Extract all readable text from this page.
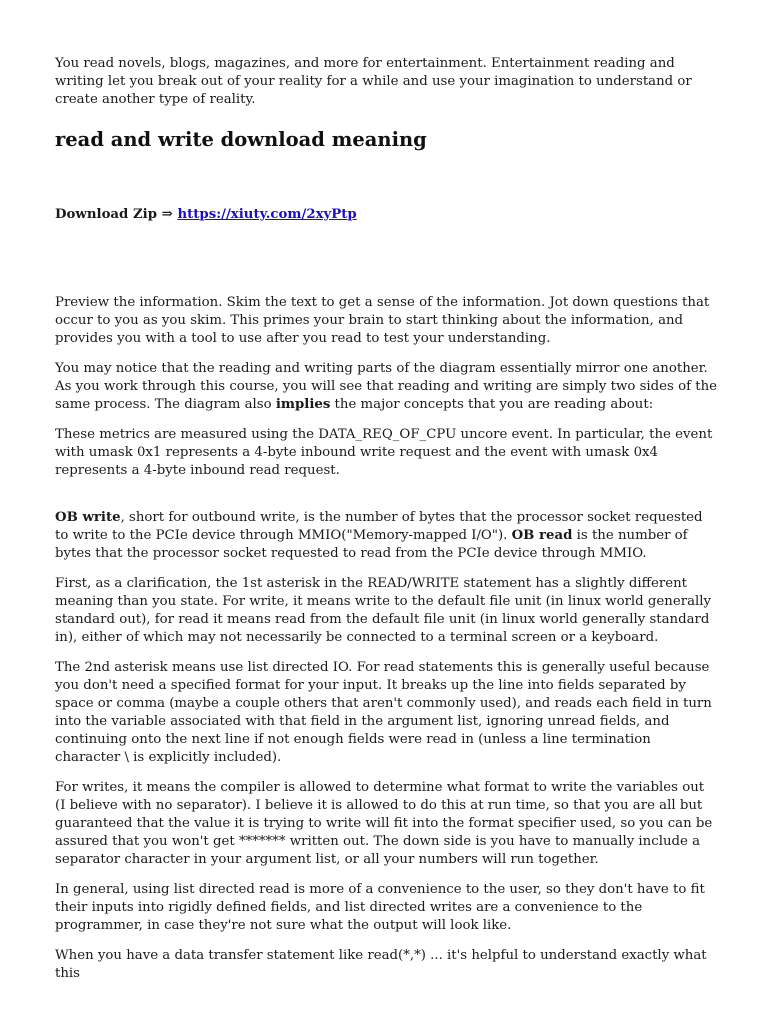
You read novels, blogs, magazines, and more for entertainment. Entertainment reading and writing let you break out of your reality for a while and use your imagination to understand or create another type of reality.

read and write download meaning

Download Zip ⇒ https://xiuty.com/2xyPtp

Preview the information. Skim the text to get a sense of the information. Jot down questions that occur to you as you skim. This primes your brain to start thinking about the information, and provides you with a tool to use after you read to test your understanding.

You may notice that the reading and writing parts of the diagram essentially mirror one another. As you work through this course, you will see that reading and writing are simply two sides of the same process. The diagram also implies the major concepts that you are reading about:

These metrics are measured using the DATA_REQ_OF_CPU uncore event. In particular, the event with umask 0x1 represents a 4-byte inbound write request and the event with umask 0x4 represents a 4-byte inbound read request.

OB write, short for outbound write, is the number of bytes that the processor socket requested to write to the PCIe device through MMIO("Memory-mapped I/O"). OB read is the number of bytes that the processor socket requested to read from the PCIe device through MMIO.

First, as a clarification, the 1st asterisk in the READ/WRITE statement has a slightly different meaning than you state. For write, it means write to the default file unit (in linux world generally standard out), for read it means read from the default file unit (in linux world generally standard in), either of which may not necessarily be connected to a terminal screen or a keyboard.

The 2nd asterisk means use list directed IO. For read statements this is generally useful because you don't need a specified format for your input. It breaks up the line into fields separated by space or comma (maybe a couple others that aren't commonly used), and reads each field in turn into the variable associated with that field in the argument list, ignoring unread fields, and continuing onto the next line if not enough fields were read in (unless a line termination character \ is explicitly included).

For writes, it means the compiler is allowed to determine what format to write the variables out (I believe with no separator). I believe it is allowed to do this at run time, so that you are all but guaranteed that the value it is trying to write will fit into the format specifier used, so you can be assured that you won't get ******* written out. The down side is you have to manually include a separator character in your argument list, or all your numbers will run together.

In general, using list directed read is more of a convenience to the user, so they don't have to fit their inputs into rigidly defined fields, and list directed writes are a convenience to the programmer, in case they're not sure what the output will look like.

When you have a data transfer statement like read(*,*) ... it's helpful to understand exactly what this
